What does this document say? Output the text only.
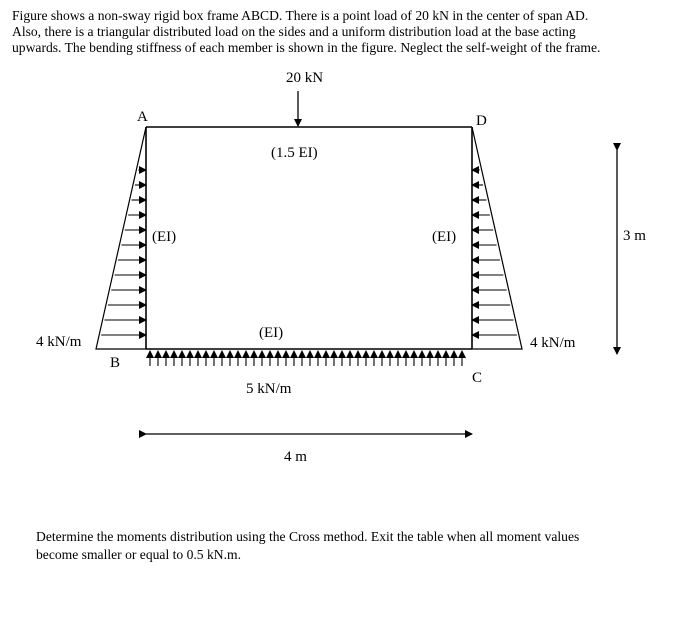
Figure shows a non-sway rigid box frame ABCD. There is a point load of 20 kN in the center of span AD.
Also, there is a triangular distributed load on the sides and a uniform distribution load at the base acting
upwards. The bending stiffness of each member is shown in the figure. Neglect the self-weight of the frame.
20 kN
A	D
B
C
(1.5 EI)
(EI)	(EI)
(EI)
4 kN/m	4 kN/m
5 kN/m
3 m
4 m
Determine the moments distribution using the Cross method. Exit the table when all moment values
become smaller or equal to 0.5 kN.m.
